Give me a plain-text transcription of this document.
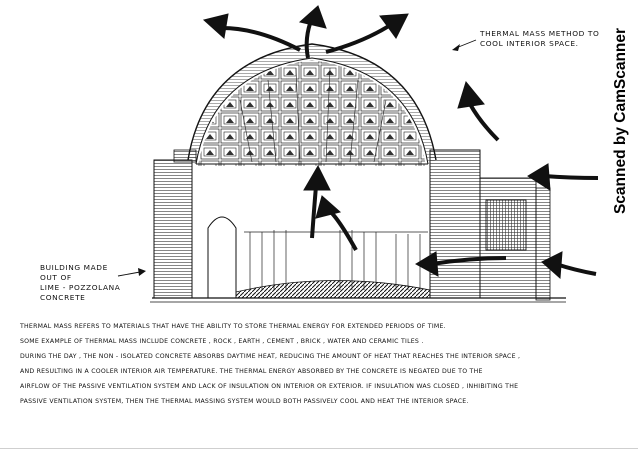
THERMAL MASS METHOD TO
COOL INTERIOR SPACE.
BUILDING MADE
OUT OF
LIME - POZZOLANA
CONCRETE
THERMAL MASS REFERS TO MATERIALS THAT HAVE THE ABILITY TO STORE THERMAL ENERGY FOR EXTENDED PERIODS OF TIME.
SOME EXAMPLE OF THERMAL MASS INCLUDE CONCRETE , ROCK , EARTH , CEMENT , BRICK , WATER AND CERAMIC TILES .
DURING THE DAY , THE NON - ISOLATED CONCRETE ABSORBS DAYTIME HEAT, REDUCING THE AMOUNT OF HEAT THAT REACHES THE INTERIOR SPACE ,
AND RESULTING IN A COOLER INTERIOR AIR TEMPERATURE. THE THERMAL ENERGY ABSORBED BY THE CONCRETE IS NEGATED DUE TO THE
AIRFLOW OF THE PASSIVE VENTILATION SYSTEM AND LACK OF INSULATION ON INTERIOR OR EXTERIOR. IF INSULATION WAS CLOSED , INHIBITING THE
PASSIVE VENTILATION SYSTEM, THEN THE THERMAL MASSING SYSTEM WOULD BOTH PASSIVELY COOL AND HEAT THE INTERIOR SPACE.
Scanned by CamScanner
